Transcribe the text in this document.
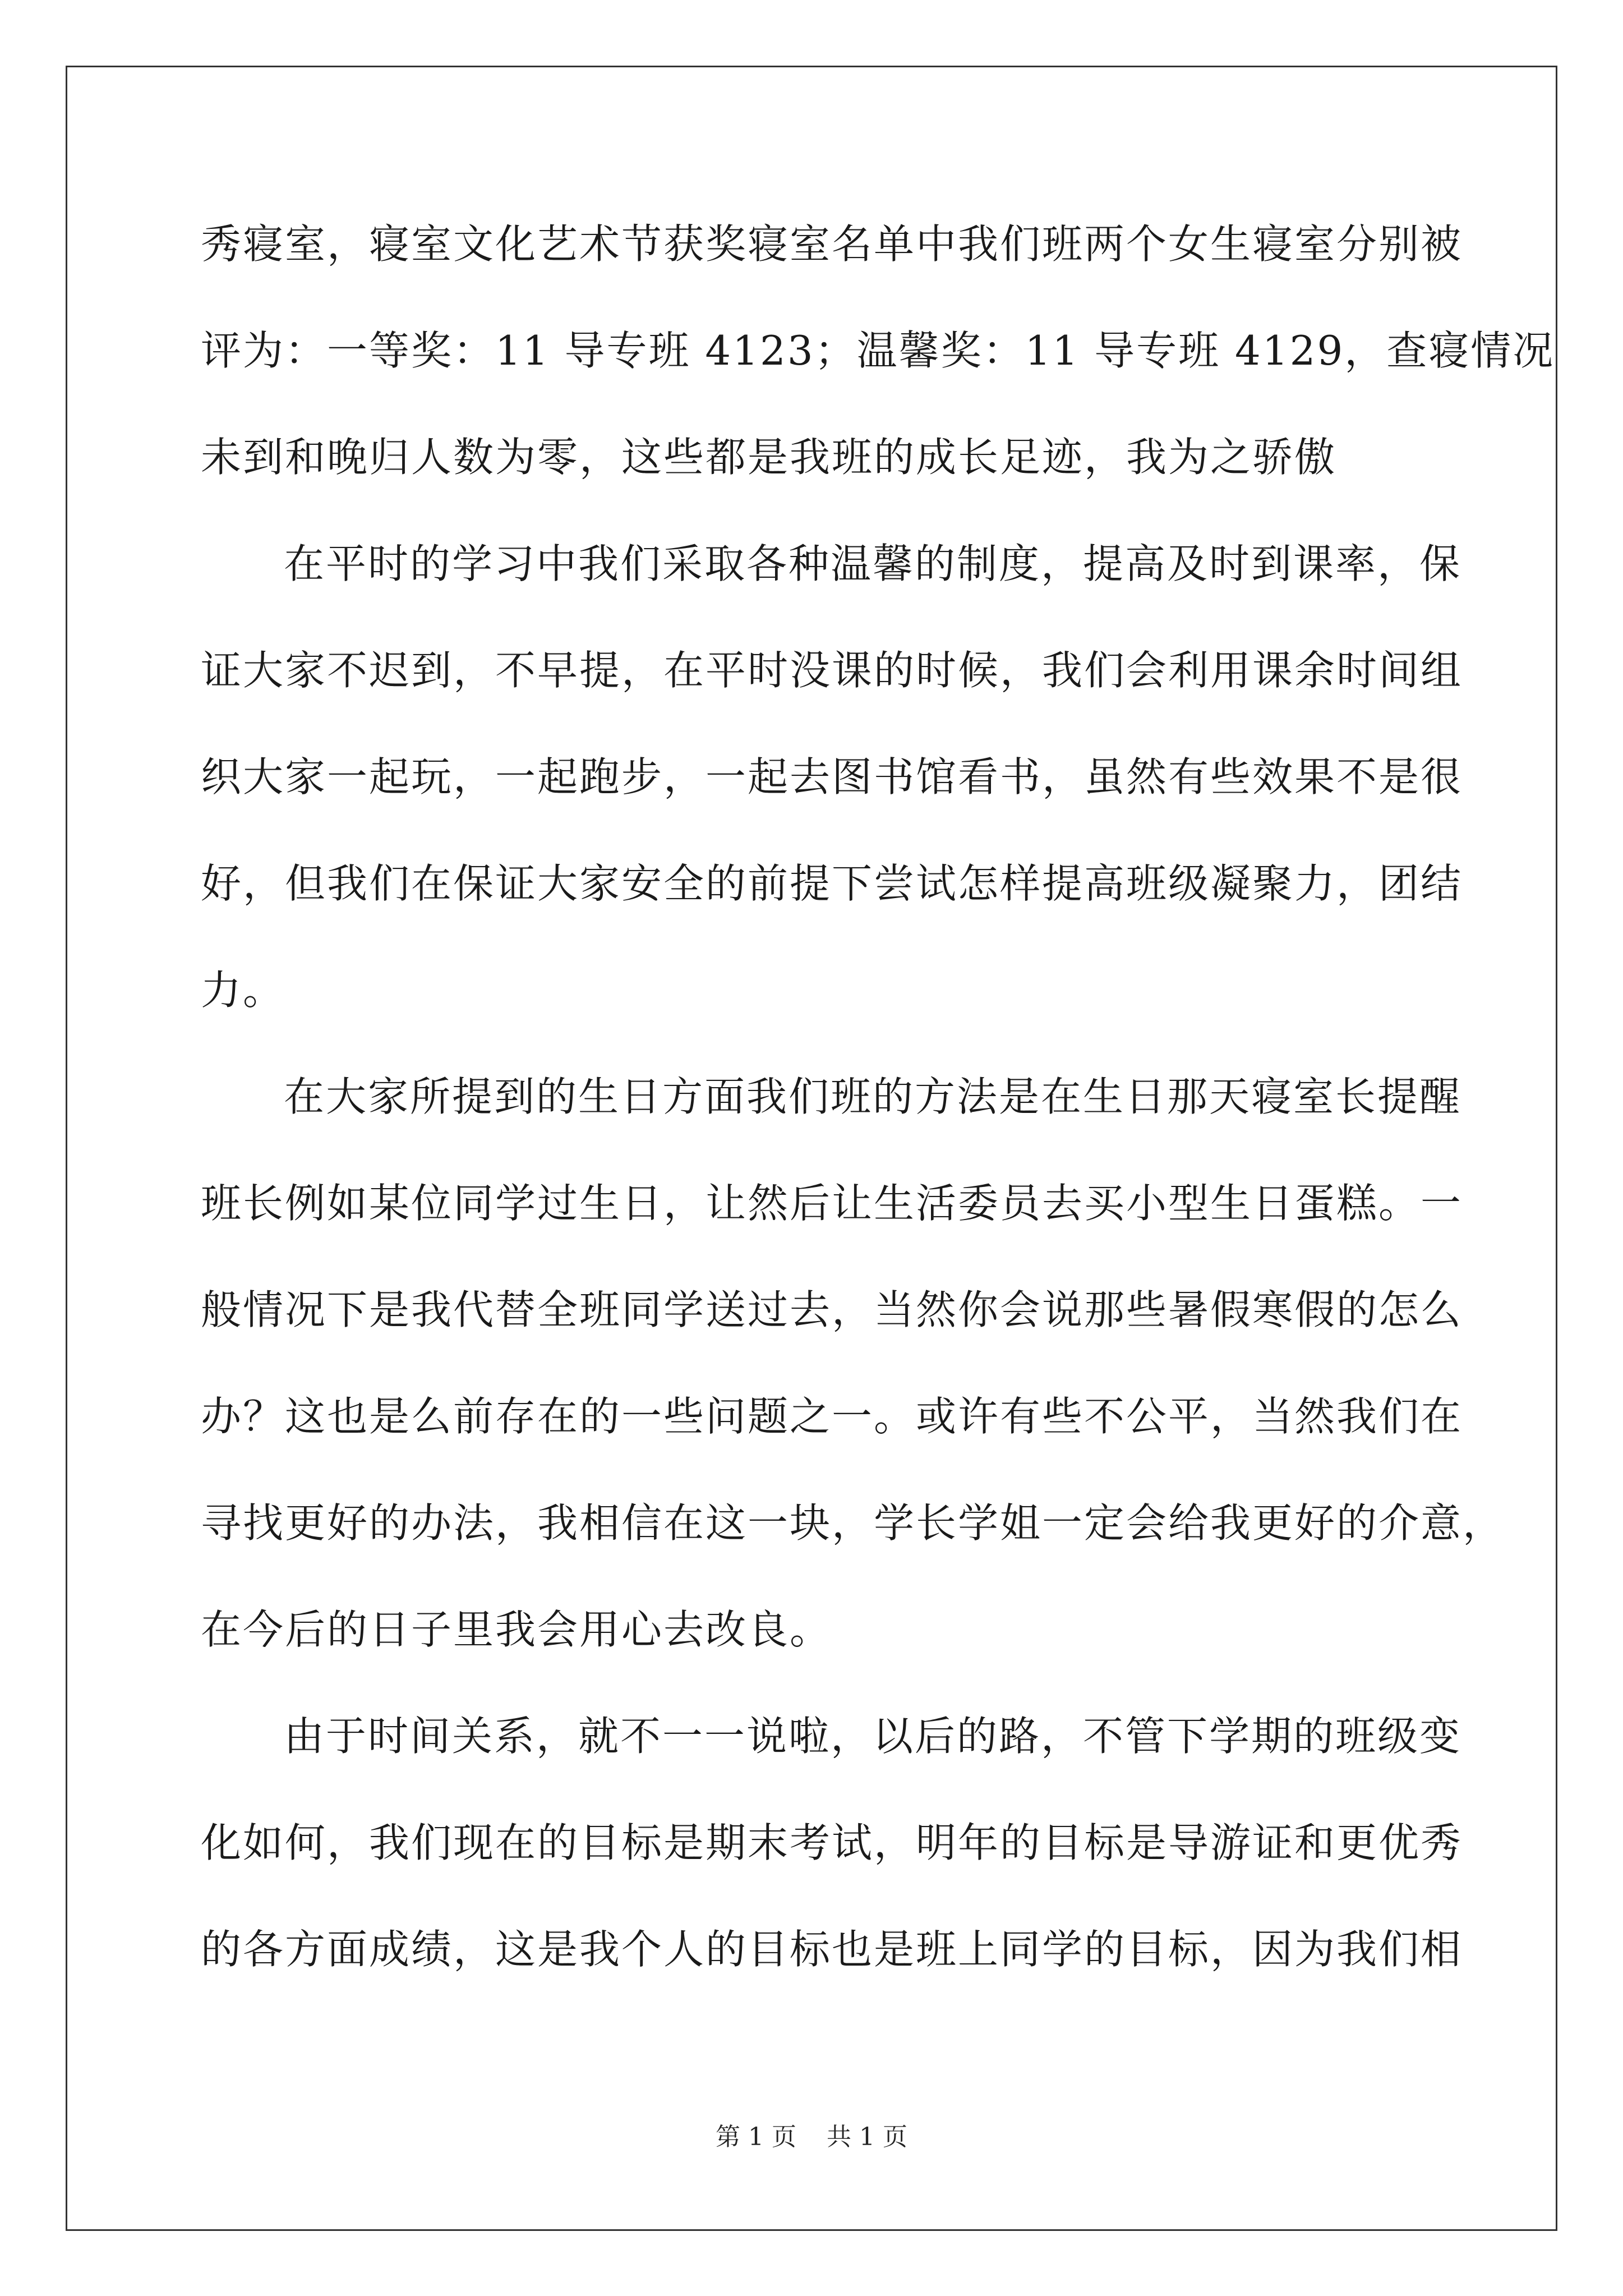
秀寝室，寝室文化艺术节获奖寝室名单中我们班两个女生寝室分别被
评为：一等奖：11 导专班 4123；温馨奖：11 导专班 4129，查寝情况
未到和晚归人数为零，这些都是我班的成长足迹，我为之骄傲
在平时的学习中我们采取各种温馨的制度，提高及时到课率，保
证大家不迟到，不早提，在平时没课的时候，我们会利用课余时间组
织大家一起玩，一起跑步，一起去图书馆看书，虽然有些效果不是很
好，但我们在保证大家安全的前提下尝试怎样提高班级凝聚力，团结
力。
在大家所提到的生日方面我们班的方法是在生日那天寝室长提醒
班长例如某位同学过生日，让然后让生活委员去买小型生日蛋糕。一
般情况下是我代替全班同学送过去，当然你会说那些暑假寒假的怎么
办？这也是么前存在的一些问题之一。或许有些不公平，当然我们在
寻找更好的办法，我相信在这一块，学长学姐一定会给我更好的介意，
在今后的日子里我会用心去改良。
由于时间关系，就不一一说啦，以后的路，不管下学期的班级变
化如何，我们现在的目标是期末考试，明年的目标是导游证和更优秀
的各方面成绩，这是我个人的目标也是班上同学的目标，因为我们相
第 1 页 共 1 页
